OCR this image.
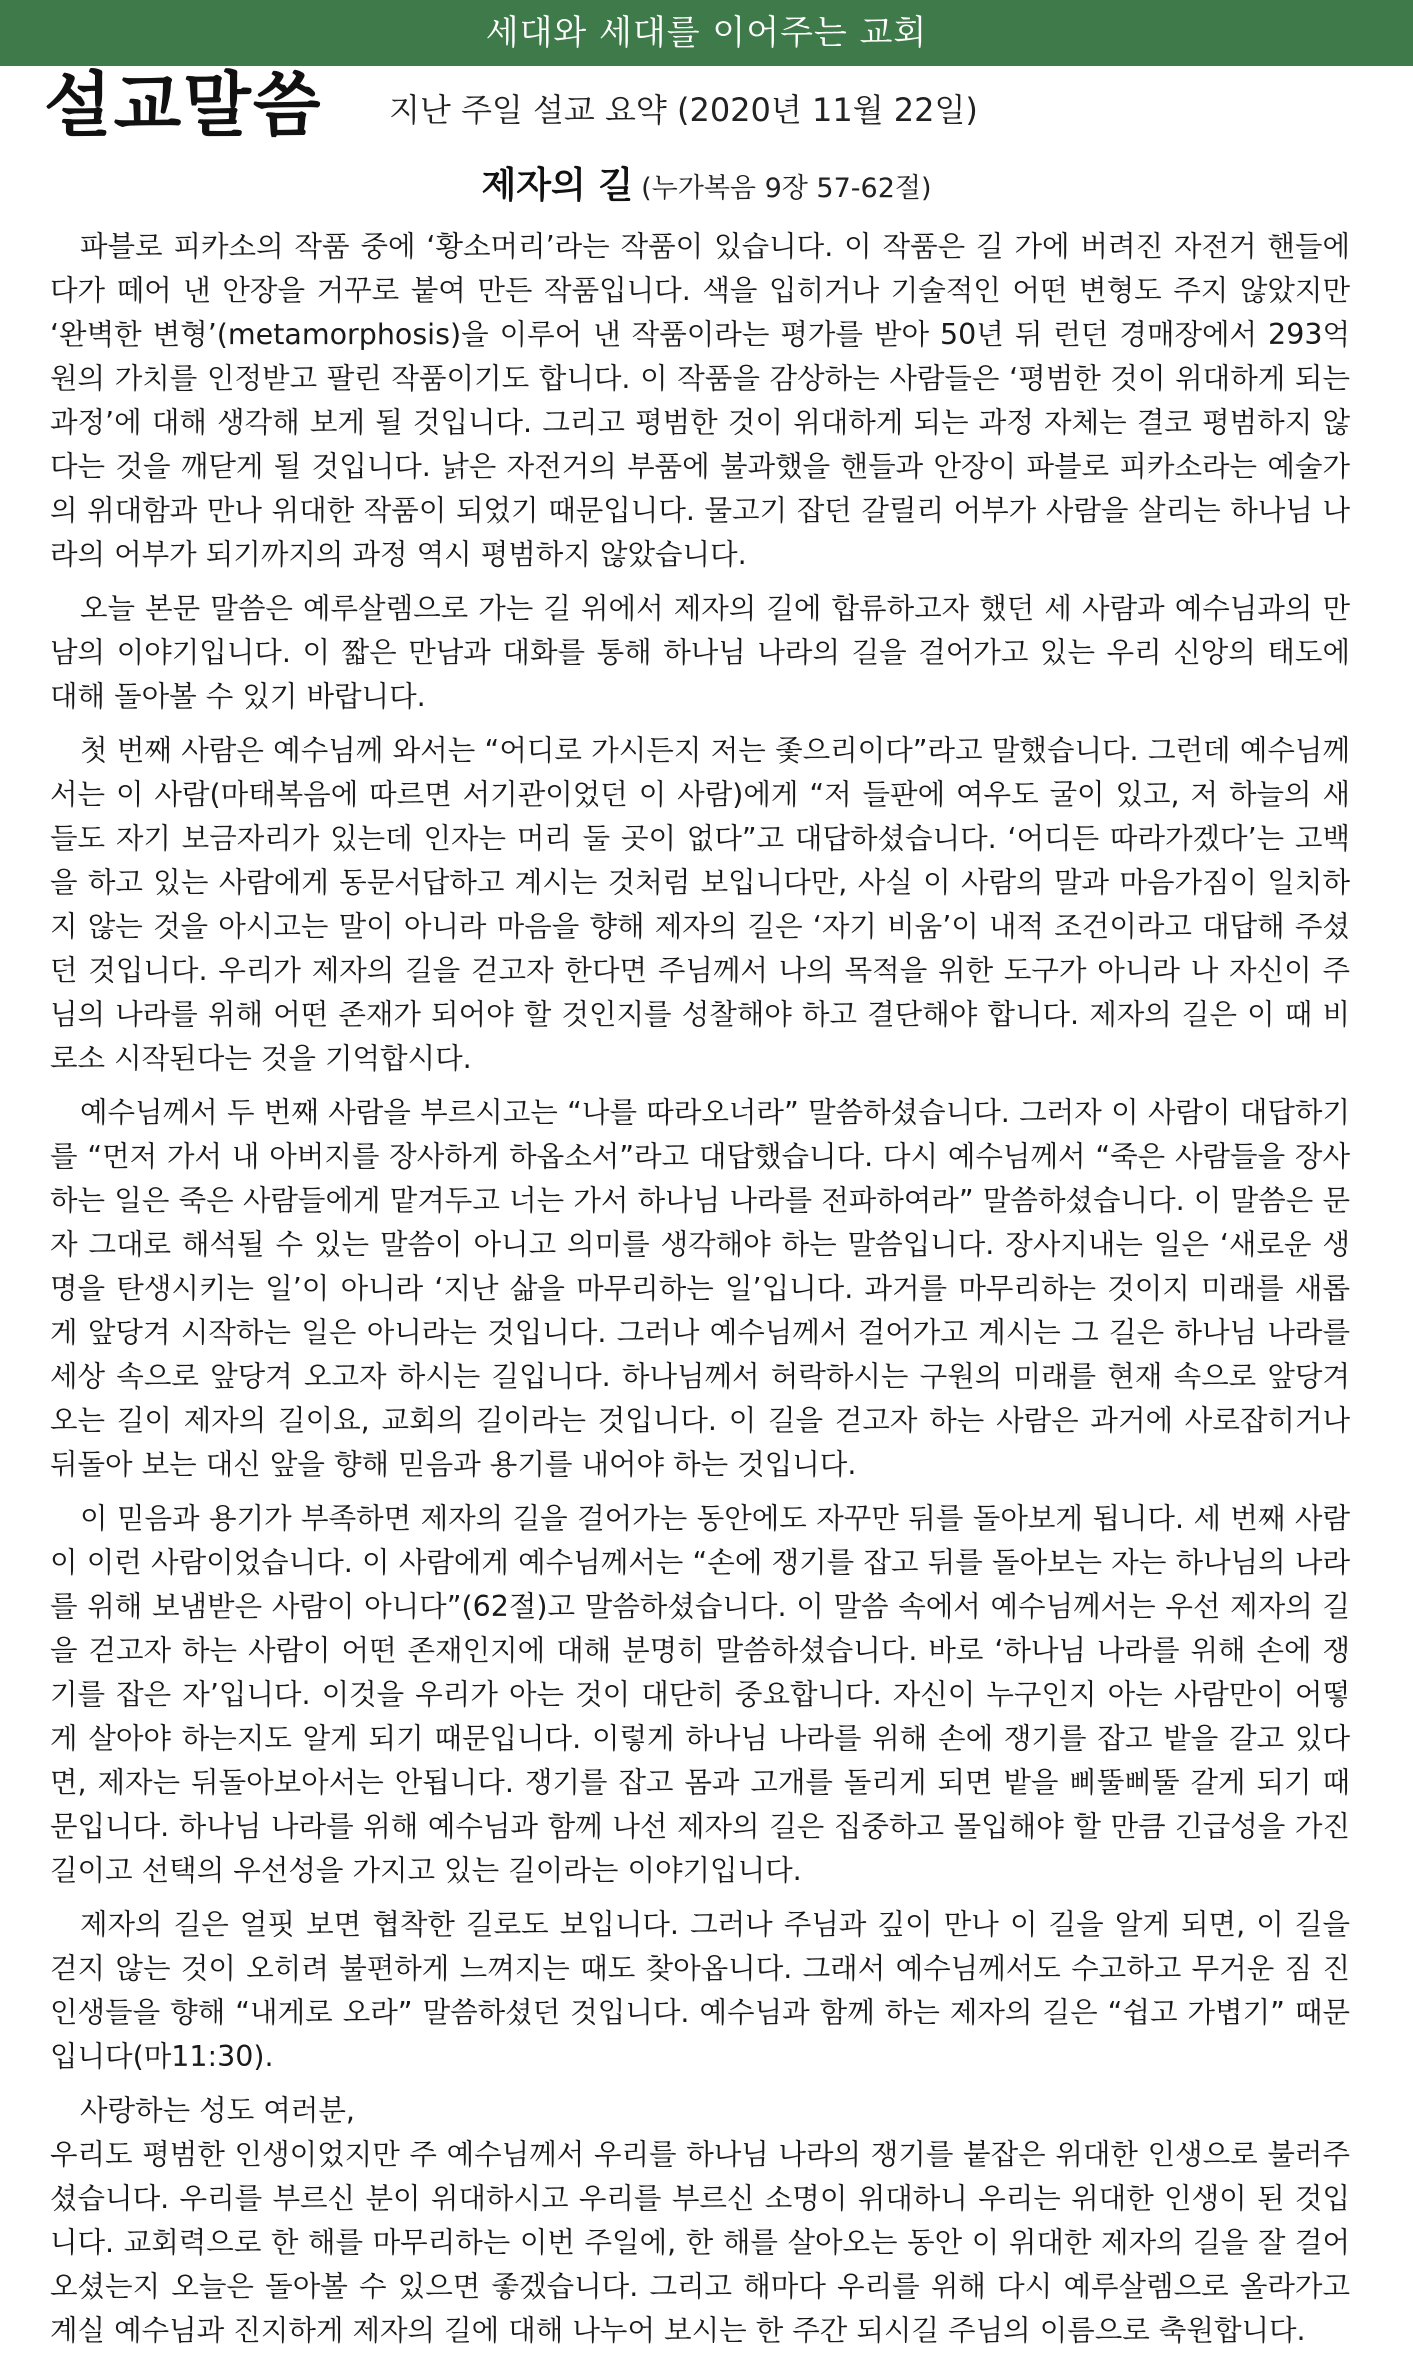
세대와 세대를 이어주는 교회
설교말씀 지난 주일 설교 요약 (2020년 11월 22일)
제자의 길 (누가복음 9장 57-62절)

파블로 피카소의 작품 중에 ‘황소머리’라는 작품이 있습니다. 이 작품은 길 가에 버려진 자전거 핸들에다가 떼어 낸 안장을 거꾸로 붙여 만든 작품입니다. 색을 입히거나 기술적인 어떤 변형도 주지 않았지만 ‘완벽한 변형’(metamorphosis)을 이루어 낸 작품이라는 평가를 받아 50년 뒤 런던 경매장에서 293억원의 가치를 인정받고 팔린 작품이기도 합니다. 이 작품을 감상하는 사람들은 ‘평범한 것이 위대하게 되는 과정’에 대해 생각해 보게 될 것입니다. 그리고 평범한 것이 위대하게 되는 과정 자체는 결코 평범하지 않다는 것을 깨닫게 될 것입니다. 낡은 자전거의 부품에 불과했을 핸들과 안장이 파블로 피카소라는 예술가의 위대함과 만나 위대한 작품이 되었기 때문입니다. 물고기 잡던 갈릴리 어부가 사람을 살리는 하나님 나라의 어부가 되기까지의 과정 역시 평범하지 않았습니다.

오늘 본문 말씀은 예루살렘으로 가는 길 위에서 제자의 길에 합류하고자 했던 세 사람과 예수님과의 만남의 이야기입니다. 이 짧은 만남과 대화를 통해 하나님 나라의 길을 걸어가고 있는 우리 신앙의 태도에 대해 돌아볼 수 있기 바랍니다.

첫 번째 사람은 예수님께 와서는 “어디로 가시든지 저는 좇으리이다”라고 말했습니다. 그런데 예수님께서는 이 사람(마태복음에 따르면 서기관이었던 이 사람)에게 “저 들판에 여우도 굴이 있고, 저 하늘의 새들도 자기 보금자리가 있는데 인자는 머리 둘 곳이 없다”고 대답하셨습니다. ‘어디든 따라가겠다’는 고백을 하고 있는 사람에게 동문서답하고 계시는 것처럼 보입니다만, 사실 이 사람의 말과 마음가짐이 일치하지 않는 것을 아시고는 말이 아니라 마음을 향해 제자의 길은 ‘자기 비움’이 내적 조건이라고 대답해 주셨던 것입니다. 우리가 제자의 길을 걷고자 한다면 주님께서 나의 목적을 위한 도구가 아니라 나 자신이 주님의 나라를 위해 어떤 존재가 되어야 할 것인지를 성찰해야 하고 결단해야 합니다. 제자의 길은 이 때 비로소 시작된다는 것을 기억합시다.

예수님께서 두 번째 사람을 부르시고는 “나를 따라오너라” 말씀하셨습니다. 그러자 이 사람이 대답하기를 “먼저 가서 내 아버지를 장사하게 하옵소서”라고 대답했습니다. 다시 예수님께서 “죽은 사람들을 장사하는 일은 죽은 사람들에게 맡겨두고 너는 가서 하나님 나라를 전파하여라” 말씀하셨습니다. 이 말씀은 문자 그대로 해석될 수 있는 말씀이 아니고 의미를 생각해야 하는 말씀입니다. 장사지내는 일은 ‘새로운 생명을 탄생시키는 일’이 아니라 ‘지난 삶을 마무리하는 일’입니다. 과거를 마무리하는 것이지 미래를 새롭게 앞당겨 시작하는 일은 아니라는 것입니다. 그러나 예수님께서 걸어가고 계시는 그 길은 하나님 나라를 세상 속으로 앞당겨 오고자 하시는 길입니다. 하나님께서 허락하시는 구원의 미래를 현재 속으로 앞당겨 오는 길이 제자의 길이요, 교회의 길이라는 것입니다. 이 길을 걷고자 하는 사람은 과거에 사로잡히거나 뒤돌아 보는 대신 앞을 향해 믿음과 용기를 내어야 하는 것입니다.

이 믿음과 용기가 부족하면 제자의 길을 걸어가는 동안에도 자꾸만 뒤를 돌아보게 됩니다. 세 번째 사람이 이런 사람이었습니다. 이 사람에게 예수님께서는 “손에 쟁기를 잡고 뒤를 돌아보는 자는 하나님의 나라를 위해 보냄받은 사람이 아니다”(62절)고 말씀하셨습니다. 이 말씀 속에서 예수님께서는 우선 제자의 길을 걷고자 하는 사람이 어떤 존재인지에 대해 분명히 말씀하셨습니다. 바로 ‘하나님 나라를 위해 손에 쟁기를 잡은 자’입니다. 이것을 우리가 아는 것이 대단히 중요합니다. 자신이 누구인지 아는 사람만이 어떻게 살아야 하는지도 알게 되기 때문입니다. 이렇게 하나님 나라를 위해 손에 쟁기를 잡고 밭을 갈고 있다면, 제자는 뒤돌아보아서는 안됩니다. 쟁기를 잡고 몸과 고개를 돌리게 되면 밭을 삐뚤삐뚤 갈게 되기 때문입니다. 하나님 나라를 위해 예수님과 함께 나선 제자의 길은 집중하고 몰입해야 할 만큼 긴급성을 가진 길이고 선택의 우선성을 가지고 있는 길이라는 이야기입니다.

제자의 길은 얼핏 보면 협착한 길로도 보입니다. 그러나 주님과 깊이 만나 이 길을 알게 되면, 이 길을 걷지 않는 것이 오히려 불편하게 느껴지는 때도 찾아옵니다. 그래서 예수님께서도 수고하고 무거운 짐 진 인생들을 향해 “내게로 오라” 말씀하셨던 것입니다. 예수님과 함께 하는 제자의 길은 “쉽고 가볍기” 때문입니다(마11:30).

사랑하는 성도 여러분,

우리도 평범한 인생이었지만 주 예수님께서 우리를 하나님 나라의 쟁기를 붙잡은 위대한 인생으로 불러주셨습니다. 우리를 부르신 분이 위대하시고 우리를 부르신 소명이 위대하니 우리는 위대한 인생이 된 것입니다. 교회력으로 한 해를 마무리하는 이번 주일에, 한 해를 살아오는 동안 이 위대한 제자의 길을 잘 걸어오셨는지 오늘은 돌아볼 수 있으면 좋겠습니다. 그리고 해마다 우리를 위해 다시 예루살렘으로 올라가고 계실 예수님과 진지하게 제자의 길에 대해 나누어 보시는 한 주간 되시길 주님의 이름으로 축원합니다.
